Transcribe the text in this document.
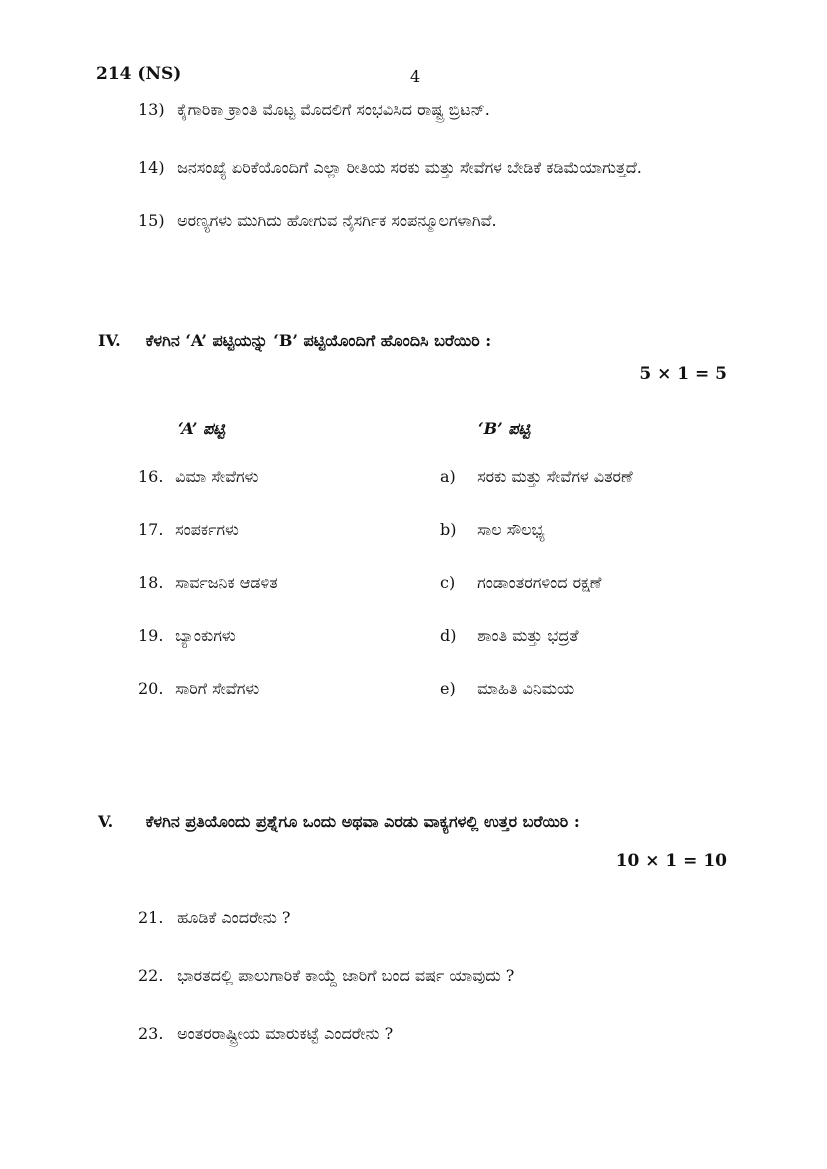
214 (NS)	4
13) ಕೈಗಾರಿಕಾ ಕ್ರಾಂತಿ ಮೊಟ್ಟ ಮೊದಲಿಗೆ ಸಂಭವಿಸಿದ ರಾಷ್ಟ್ರ ಬ್ರಿಟನ್.
14) ಜನಸಂಖ್ಯೆ ಏರಿಕೆಯೊಂದಿಗೆ ಎಲ್ಲಾ ರೀತಿಯ ಸರಕು ಮತ್ತು ಸೇವೆಗಳ ಬೇಡಿಕೆ ಕಡಿಮೆಯಾಗುತ್ತದೆ.
15) ಅರಣ್ಯಗಳು ಮುಗಿದು ಹೋಗುವ ನೈಸರ್ಗಿಕ ಸಂಪನ್ಮೂಲಗಳಾಗಿವೆ.
IV. ಕೆಳಗಿನ ‘A’ ಪಟ್ಟಿಯನ್ನು ‘B’ ಪಟ್ಟಿಯೊಂದಿಗೆ ಹೊಂದಿಸಿ ಬರೆಯಿರಿ :
5 × 1 = 5
‘A’ ಪಟ್ಟಿ	‘B’ ಪಟ್ಟಿ
16. ವಿಮಾ ಸೇವೆಗಳು	a) ಸರಕು ಮತ್ತು ಸೇವೆಗಳ ವಿತರಣೆ
17. ಸಂಪರ್ಕಗಳು	b) ಸಾಲ ಸೌಲಭ್ಯ
18. ಸಾರ್ವಜನಿಕ ಆಡಳಿತ	c) ಗಂಡಾಂತರಗಳಿಂದ ರಕ್ಷಣೆ
19. ಬ್ಯಾಂಕುಗಳು	d) ಶಾಂತಿ ಮತ್ತು ಭದ್ರತೆ
20. ಸಾರಿಗೆ ಸೇವೆಗಳು	e) ಮಾಹಿತಿ ವಿನಿಮಯ
V. ಕೆಳಗಿನ ಪ್ರತಿಯೊಂದು ಪ್ರಶ್ನೆಗೂ ಒಂದು ಅಥವಾ ಎರಡು ವಾಕ್ಯಗಳಲ್ಲಿ ಉತ್ತರ ಬರೆಯಿರಿ :
10 × 1 = 10
21. ಹೂಡಿಕೆ ಎಂದರೇನು ?
22. ಭಾರತದಲ್ಲಿ ಪಾಲುಗಾರಿಕೆ ಕಾಯ್ದೆ ಜಾರಿಗೆ ಬಂದ ವರ್ಷ ಯಾವುದು ?
23. ಅಂತರರಾಷ್ಟ್ರೀಯ ಮಾರುಕಟ್ಟೆ ಎಂದರೇನು ?
